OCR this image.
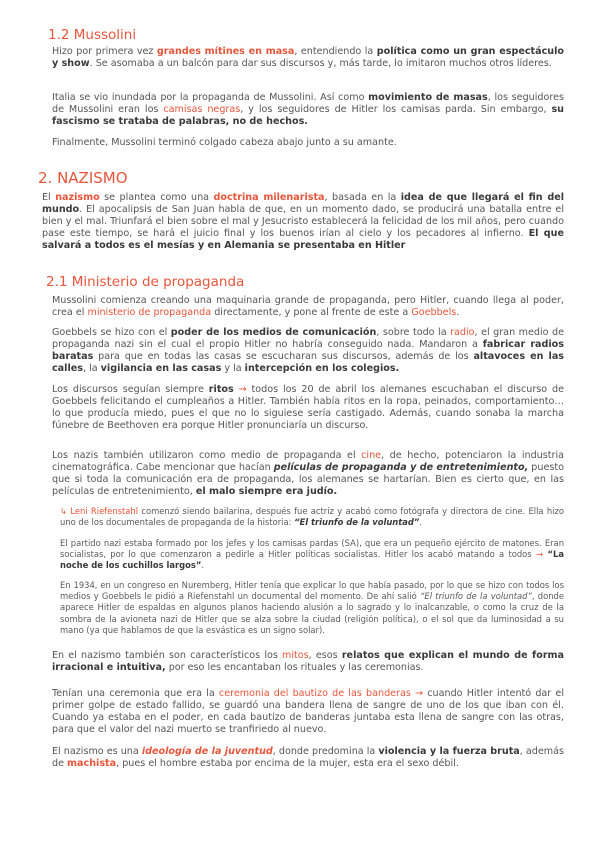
1.2 Mussolini

Hizo por primera vez grandes mítines en masa, entendiendo la política como un gran espectáculo y show. Se asomaba a un balcón para dar sus discursos y, más tarde, lo imitaron muchos otros líderes.

Italia se vio inundada por la propaganda de Mussolini. Así como movimiento de masas, los seguidores de Mussolini eran los camisas negras, y los seguidores de Hitler los camisas parda. Sin embargo, su fascismo se trataba de palabras, no de hechos.

Finalmente, Mussolini terminó colgado cabeza abajo junto a su amante.

2. NAZISMO

El nazismo se plantea como una doctrina milenarista, basada en la idea de que llegará el fin del mundo. El apocalipsis de San Juan habla de que, en un momento dado, se producirá una batalla entre el bien y el mal. Triunfará el bien sobre el mal y Jesucristo establecerá la felicidad de los mil años, pero cuando pase este tiempo, se hará el juicio final y los buenos irían al cielo y los pecadores al infierno. El que salvará a todos es el mesías y en Alemania se presentaba en Hitler

2.1 Ministerio de propaganda

Mussolini comienza creando una maquinaria grande de propaganda, pero Hitler, cuando llega al poder, crea el ministerio de propaganda directamente, y pone al frente de este a Goebbels.

Goebbels se hizo con el poder de los medios de comunicación, sobre todo la radio, el gran medio de propaganda nazi sin el cual el propio Hitler no habría conseguido nada. Mandaron a fabricar radios baratas para que en todas las casas se escucharan sus discursos, además de los altavoces en las calles, la vigilancia en las casas y la intercepción en los colegios.

Los discursos seguían siempre ritos → todos los 20 de abril los alemanes escuchaban el discurso de Goebbels felicitando el cumpleaños a Hitler. También había ritos en la ropa, peinados, comportamiento… lo que producía miedo, pues el que no lo siguiese sería castigado. Además, cuando sonaba la marcha fúnebre de Beethoven era porque Hitler pronunciaría un discurso.

Los nazis también utilizaron como medio de propaganda el cine, de hecho, potenciaron la industria cinematográfica. Cabe mencionar que hacían películas de propaganda y de entretenimiento, puesto que si toda la comunicación era de propaganda, los alemanes se hartarían. Bien es cierto que, en las películas de entretenimiento, el malo siempre era judío.

↳ Leni Riefenstahl comenzó siendo bailarina, después fue actriz y acabó como fotógrafa y directora de cine. Ella hizo uno de los documentales de propaganda de la historia: “El triunfo de la voluntad”.

El partido nazi estaba formado por los jefes y los camisas pardas (SA), que era un pequeño ejército de matones. Eran socialistas, por lo que comenzaron a pedirle a Hitler políticas socialistas. Hitler los acabó matando a todos → “La noche de los cuchillos largos”.

En 1934, en un congreso en Nuremberg, Hitler tenía que explicar lo que había pasado, por lo que se hizo con todos los medios y Goebbels le pidió a Riefenstahl un documental del momento. De ahí salió “El triunfo de la voluntad”, donde aparece Hitler de espaldas en algunos planos haciendo alusión a lo sagrado y lo inalcanzable, o como la cruz de la sombra de la avioneta nazi de Hitler que se alza sobre la ciudad (religión política), o el sol que da luminosidad a su mano (ya que hablamos de que la esvástica es un signo solar).

En el nazismo también son característicos los mitos, esos relatos que explican el mundo de forma irracional e intuitiva, por eso les encantaban los rituales y las ceremonias.

Tenían una ceremonia que era la ceremonia del bautizo de las banderas → cuando Hitler intentó dar el primer golpe de estado fallido, se guardó una bandera llena de sangre de uno de los que iban con él. Cuando ya estaba en el poder, en cada bautizo de banderas juntaba esta llena de sangre con las otras, para que el valor del nazi muerto se tranfiriedo al nuevo.

El nazismo es una ideología de la juventud, donde predomina la violencia y la fuerza bruta, además de machista, pues el hombre estaba por encima de la mujer, esta era el sexo débil.
